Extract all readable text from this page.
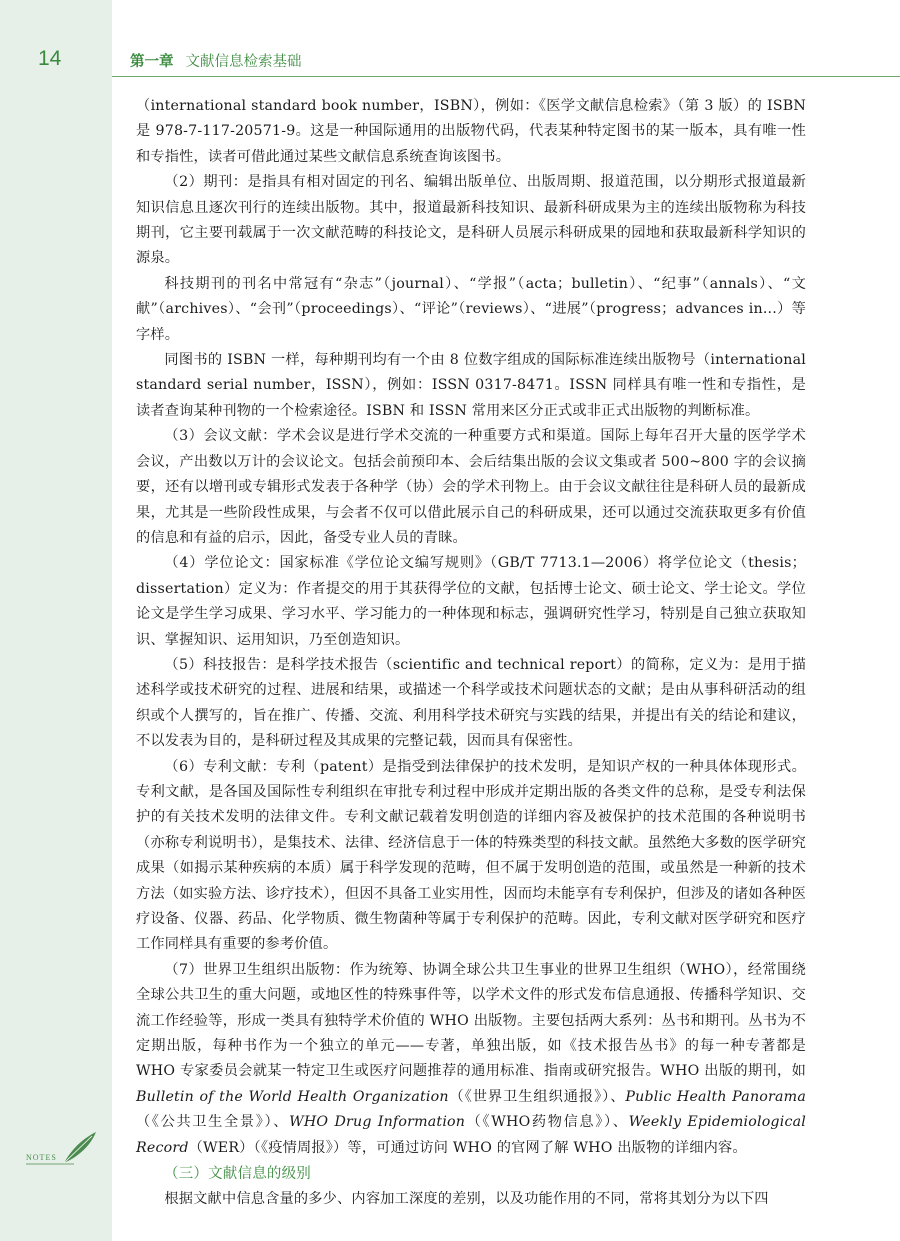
14	第一章 文献信息检索基础

（international standard book number，ISBN），例如：《医学文献信息检索》（第 3 版）的 ISBN 是 978-7-117-20571-9。这是一种国际通用的出版物代码，代表某种特定图书的某一版本，具有唯一性和专指性，读者可借此通过某些文献信息系统查询该图书。

（2）期刊：是指具有相对固定的刊名、编辑出版单位、出版周期、报道范围，以分期形式报道最新知识信息且逐次刊行的连续出版物。其中，报道最新科技知识、最新科研成果为主的连续出版物称为科技期刊，它主要刊载属于一次文献范畴的科技论文，是科研人员展示科研成果的园地和获取最新科学知识的源泉。

科技期刊的刊名中常冠有“杂志”（journal）、“学报”（acta；bulletin）、“纪事”（annals）、“文献”（archives）、“会刊”（proceedings）、“评论”（reviews）、“进展”（progress；advances in...）等字样。

同图书的 ISBN 一样，每种期刊均有一个由 8 位数字组成的国际标准连续出版物号（international standard serial number，ISSN），例如：ISSN 0317-8471。ISSN 同样具有唯一性和专指性，是读者查询某种刊物的一个检索途径。ISBN 和 ISSN 常用来区分正式或非正式出版物的判断标准。

（3）会议文献：学术会议是进行学术交流的一种重要方式和渠道。国际上每年召开大量的医学学术会议，产出数以万计的会议论文。包括会前预印本、会后结集出版的会议文集或者 500~800 字的会议摘要，还有以增刊或专辑形式发表于各种学（协）会的学术刊物上。由于会议文献往往是科研人员的最新成果，尤其是一些阶段性成果，与会者不仅可以借此展示自己的科研成果，还可以通过交流获取更多有价值的信息和有益的启示，因此，备受专业人员的青睐。

（4）学位论文：国家标准《学位论文编写规则》（GB/T 7713.1—2006）将学位论文（thesis；dissertation）定义为：作者提交的用于其获得学位的文献，包括博士论文、硕士论文、学士论文。学位论文是学生学习成果、学习水平、学习能力的一种体现和标志，强调研究性学习，特别是自己独立获取知识、掌握知识、运用知识，乃至创造知识。

（5）科技报告：是科学技术报告（scientific and technical report）的简称，定义为：是用于描述科学或技术研究的过程、进展和结果，或描述一个科学或技术问题状态的文献；是由从事科研活动的组织或个人撰写的，旨在推广、传播、交流、利用科学技术研究与实践的结果，并提出有关的结论和建议，不以发表为目的，是科研过程及其成果的完整记载，因而具有保密性。

（6）专利文献：专利（patent）是指受到法律保护的技术发明，是知识产权的一种具体体现形式。专利文献，是各国及国际性专利组织在审批专利过程中形成并定期出版的各类文件的总称，是受专利法保护的有关技术发明的法律文件。专利文献记载着发明创造的详细内容及被保护的技术范围的各种说明书（亦称专利说明书），是集技术、法律、经济信息于一体的特殊类型的科技文献。虽然绝大多数的医学研究成果（如揭示某种疾病的本质）属于科学发现的范畴，但不属于发明创造的范围，或虽然是一种新的技术方法（如实验方法、诊疗技术），但因不具备工业实用性，因而均未能享有专利保护，但涉及的诸如各种医疗设备、仪器、药品、化学物质、微生物菌种等属于专利保护的范畴。因此，专利文献对医学研究和医疗工作同样具有重要的参考价值。

（7）世界卫生组织出版物：作为统筹、协调全球公共卫生事业的世界卫生组织（WHO），经常围绕全球公共卫生的重大问题，或地区性的特殊事件等，以学术文件的形式发布信息通报、传播科学知识、交流工作经验等，形成一类具有独特学术价值的 WHO 出版物。主要包括两大系列：丛书和期刊。丛书为不定期出版，每种书作为一个独立的单元——专著，单独出版，如《技术报告丛书》的每一种专著都是 WHO 专家委员会就某一特定卫生或医疗问题推荐的通用标准、指南或研究报告。WHO 出版的期刊，如 Bulletin of the World Health Organization（《世界卫生组织通报》）、Public Health Panorama（《公共卫生全景》）、WHO Drug Information（《WHO药物信息》）、Weekly Epidemiological Record（WER）（《疫情周报》）等，可通过访问 WHO 的官网了解 WHO 出版物的详细内容。

（三）文献信息的级别

根据文献中信息含量的多少、内容加工深度的差别，以及功能作用的不同，常将其划分为以下四

NOTES
